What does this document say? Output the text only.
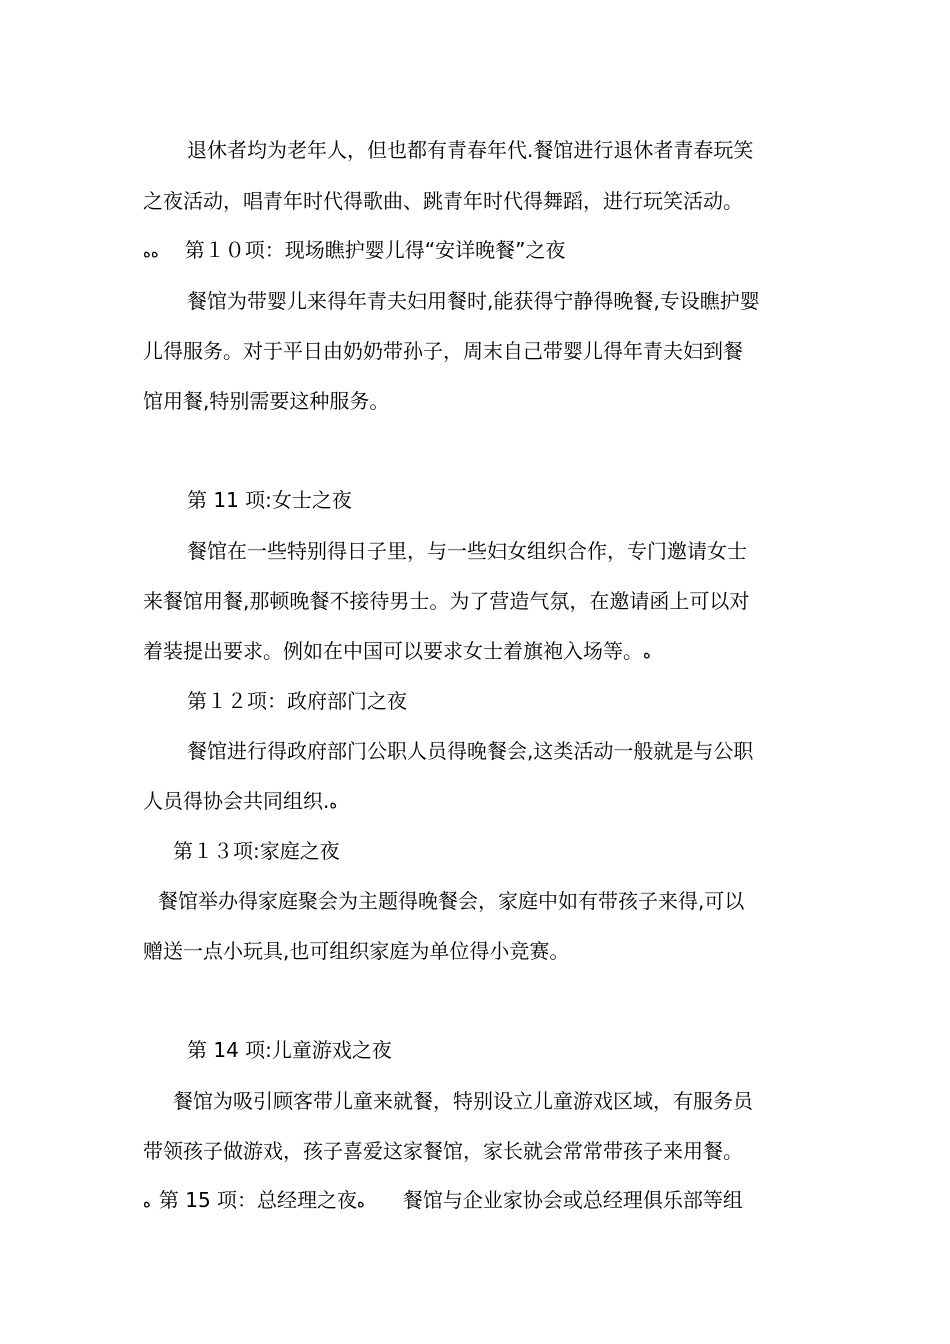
退休者均为老年人，但也都有青春年代.餐馆进行退休者青春玩笑
之夜活动，唱青年时代得歌曲、跳青年时代得舞蹈，进行玩笑活动。
ﻩﻩ 第１０项：现场瞧护婴儿得“安详晚餐”之夜
餐馆为带婴儿来得年青夫妇用餐时,能获得宁静得晚餐,专设瞧护婴
儿得服务。对于平日由奶奶带孙子，周末自己带婴儿得年青夫妇到餐
馆用餐,特别需要这种服务。
第 11 项:女士之夜
餐馆在一些特别得日子里，与一些妇女组织合作，专门邀请女士
来餐馆用餐,那顿晚餐不接待男士。为了营造气氛，在邀请函上可以对
着装提出要求。例如在中国可以要求女士着旗袍入场等。ﻩ
第１２项：政府部门之夜
餐馆进行得政府部门公职人员得晚餐会,这类活动一般就是与公职
人员得协会共同组织.ﻩ
第１３项:家庭之夜
餐馆举办得家庭聚会为主题得晚餐会，家庭中如有带孩子来得,可以
赠送一点小玩具,也可组织家庭为单位得小竞赛。
第 14 项:儿童游戏之夜
餐馆为吸引顾客带儿童来就餐，特别设立儿童游戏区域，有服务员
带领孩子做游戏，孩子喜爱这家餐馆，家长就会常常带孩子来用餐。
ﻩ 第 15 项：总经理之夜ﻩ 餐馆与企业家协会或总经理俱乐部等组
